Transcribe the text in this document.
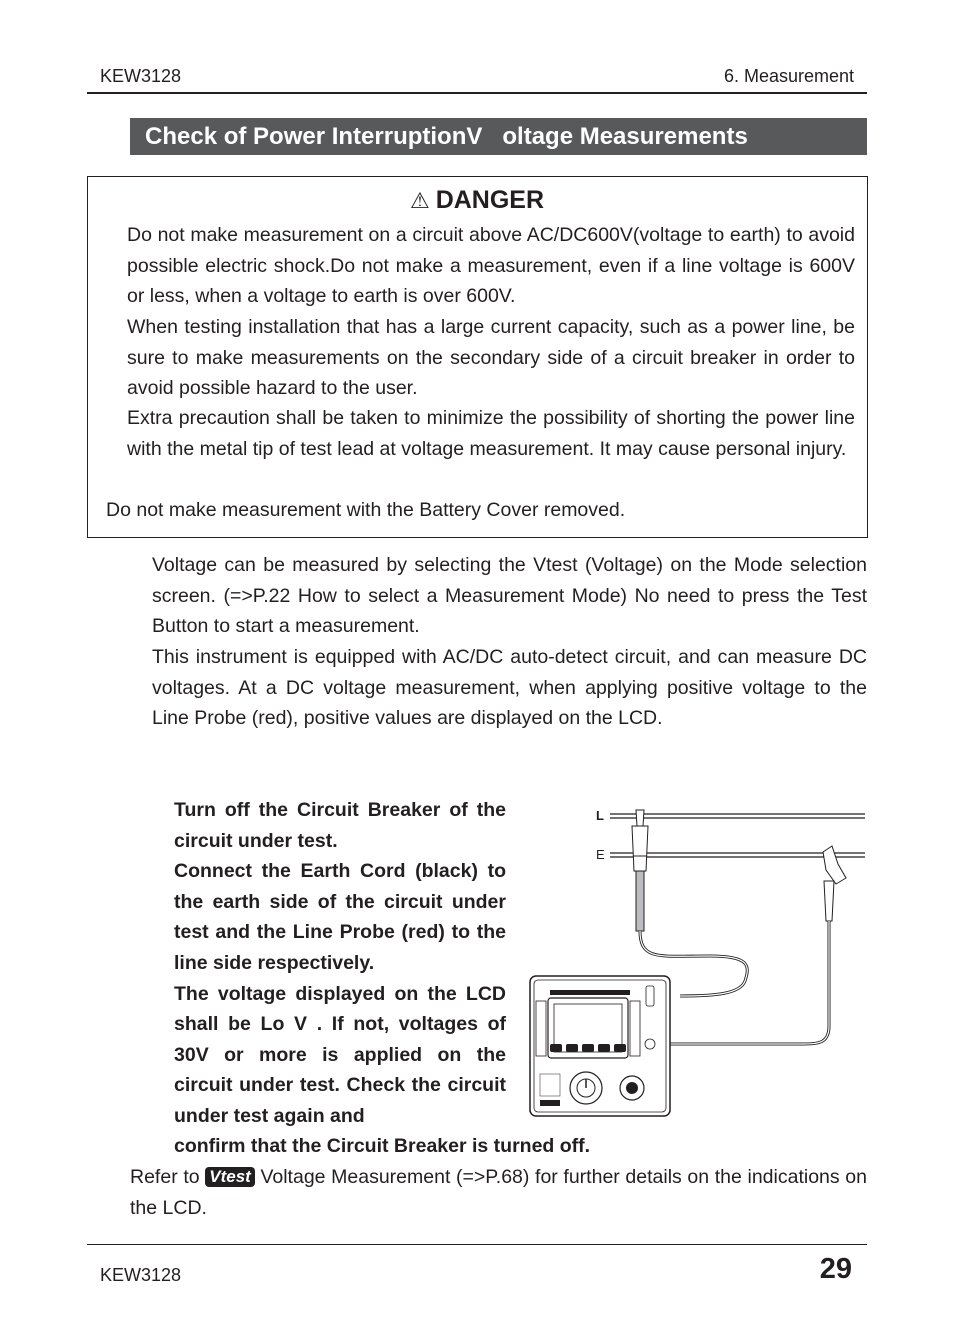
KEW3128	6. Measurement
Check of Power InterruptionV   oltage Measurements
⚠ DANGER
Do not make measurement on a circuit above AC/DC600V(voltage to earth) to avoid possible electric shock.Do not make a measurement, even if a line voltage is 600V or less, when a voltage to earth is over 600V.
When testing installation that has a large current capacity, such as a power line, be sure to make measurements on the secondary side of a circuit breaker in order to avoid possible hazard to the user.
Extra precaution shall be taken to minimize the possibility of shorting the power line with the metal tip of test lead at voltage measurement. It may cause personal injury.
Do not make measurement with the Battery Cover removed.
Voltage can be measured by selecting the Vtest (Voltage) on the Mode selection screen. (=>P.22 How to select a Measurement Mode) No need to press the Test Button to start a measurement.
This instrument is equipped with AC/DC auto-detect circuit, and can measure DC voltages. At a DC voltage measurement, when applying positive voltage to the Line Probe (red), positive values are displayed on the LCD.
Turn off the Circuit Breaker of the circuit under test.
Connect the Earth Cord (black) to the earth side of the circuit under test and the Line Probe (red) to the line side respectively.
The voltage displayed on the LCD shall be Lo V . If not, voltages of 30V or more is applied on the circuit under test. Check the circuit under test again and
confirm that the Circuit Breaker is turned off.
Refer to Vtest Voltage Measurement (=>P.68) for further details on the indications on the LCD.
L
E
KEW3128	29
